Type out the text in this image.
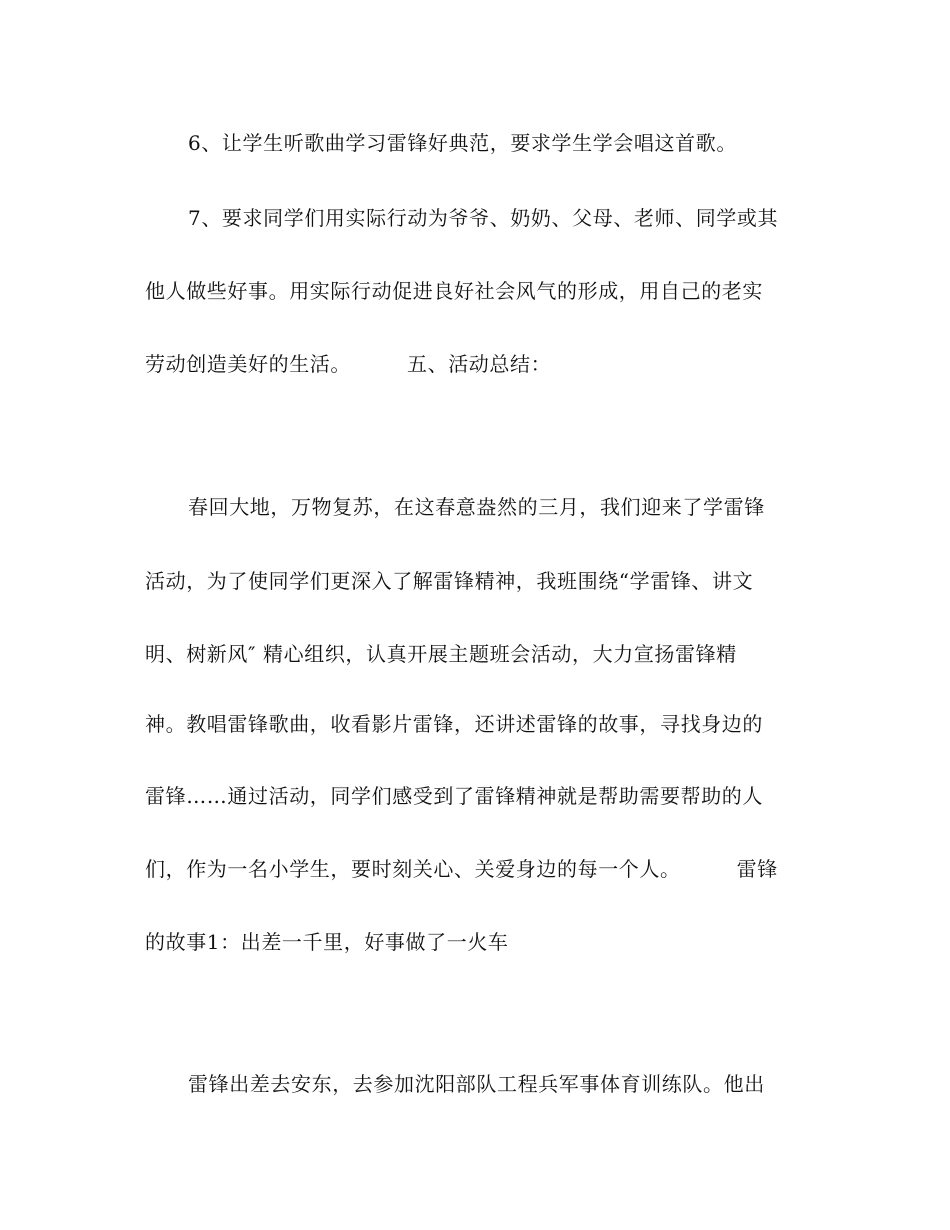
6、让学生听歌曲学习雷锋好典范，要求学生学会唱这首歌。
7、要求同学们用实际行动为爷爷、奶奶、父母、老师、同学或其
他人做些好事。用实际行动促进良好社会风气的形成，用自己的老实
劳动创造美好的生活。	五、活动总结：
春回大地，万物复苏，在这春意盎然的三月，我们迎来了学雷锋
活动，为了使同学们更深入了解雷锋精神，我班围绕“学雷锋、讲文
明、树新风″ 精心组织，认真开展主题班会活动，大力宣扬雷锋精
神。教唱雷锋歌曲，收看影片雷锋，还讲述雷锋的故事，寻找身边的
雷锋……通过活动，同学们感受到了雷锋精神就是帮助需要帮助的人
们，作为一名小学生，要时刻关心、关爱身边的每一个人。	雷锋
的故事1：出差一千里，好事做了一火车
雷锋出差去安东，去参加沈阳部队工程兵军事体育训练队。他出
